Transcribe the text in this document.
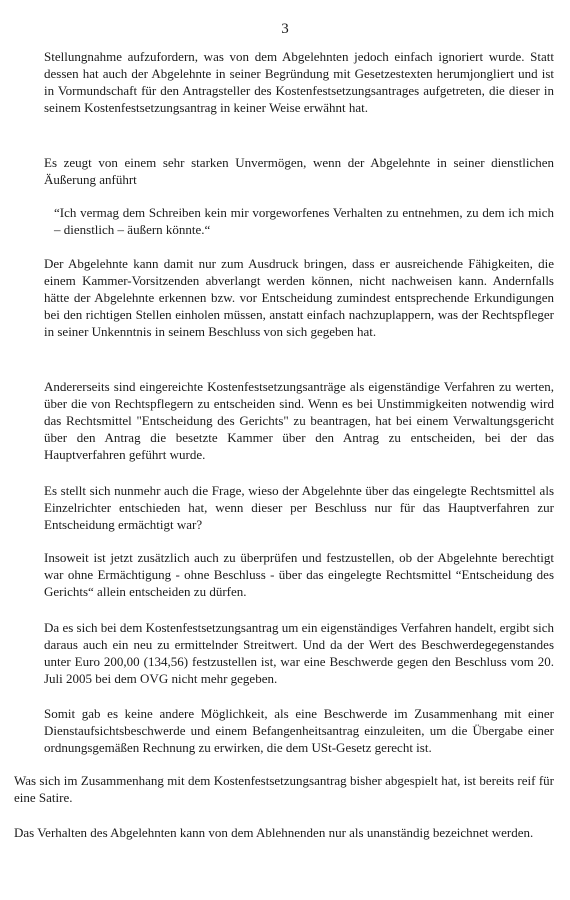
3

Stellungnahme aufzufordern, was von dem Abgelehnten jedoch einfach ignoriert wurde. Statt dessen hat auch der Abgelehnte in seiner Begründung mit Gesetzestexten herumjongliert und ist in Vormundschaft für den Antragsteller des Kostenfestsetzungsantrages aufgetreten, die dieser in seinem Kostenfestsetzungsantrag in keiner Weise erwähnt hat.

Es zeugt von einem sehr starken Unvermögen, wenn der Abgelehnte in seiner dienstlichen Äußerung anführt

“Ich vermag dem Schreiben kein mir vorgeworfenes Verhalten zu entnehmen, zu dem ich mich – dienstlich – äußern könnte.“

Der Abgelehnte kann damit nur zum Ausdruck bringen, dass er ausreichende Fähigkeiten, die einem Kammer-Vorsitzenden abverlangt werden können, nicht nachweisen kann. Andernfalls hätte der Abgelehnte erkennen bzw. vor Entscheidung zumindest entsprechende Erkundigungen bei den richtigen Stellen einholen müssen, anstatt einfach nachzuplappern, was der Rechtspfleger in seiner Unkenntnis in seinem Beschluss von sich gegeben hat.

Andererseits sind eingereichte Kostenfestsetzungsanträge als eigenständige Verfahren zu werten, über die von Rechtspflegern zu entscheiden sind. Wenn es bei Unstimmigkeiten notwendig wird das Rechtsmittel "Entscheidung des Gerichts" zu beantragen, hat bei einem Verwaltungsgericht über den Antrag die besetzte Kammer über den Antrag zu entscheiden, bei der das Hauptverfahren geführt wurde.

Es stellt sich nunmehr auch die Frage, wieso der Abgelehnte über das eingelegte Rechtsmittel als Einzelrichter entschieden hat, wenn dieser per Beschluss nur für das Hauptverfahren zur Entscheidung ermächtigt war?

Insoweit ist jetzt zusätzlich auch zu überprüfen und festzustellen, ob der Abgelehnte berechtigt war ohne Ermächtigung - ohne Beschluss - über das eingelegte Rechtsmittel “Entscheidung des Gerichts“ allein entscheiden zu dürfen.

Da es sich bei dem Kostenfestsetzungsantrag um ein eigenständiges Verfahren handelt, ergibt sich daraus auch ein neu zu ermittelnder Streitwert. Und da der Wert des Beschwerdegegenstandes unter Euro 200,00 (134,56) festzustellen ist, war eine Beschwerde gegen den Beschluss vom 20. Juli 2005 bei dem OVG nicht mehr gegeben.

Somit gab es keine andere Möglichkeit, als eine Beschwerde im Zusammenhang mit einer Dienstaufsichtsbeschwerde und einem Befangenheitsantrag einzuleiten, um die Übergabe einer ordnungsgemäßen Rechnung zu erwirken, die dem USt-Gesetz gerecht ist.

Was sich im Zusammenhang mit dem Kostenfestsetzungsantrag bisher abgespielt hat, ist bereits reif für eine Satire.

Das Verhalten des Abgelehnten kann von dem Ablehnenden nur als unanständig bezeichnet werden.
